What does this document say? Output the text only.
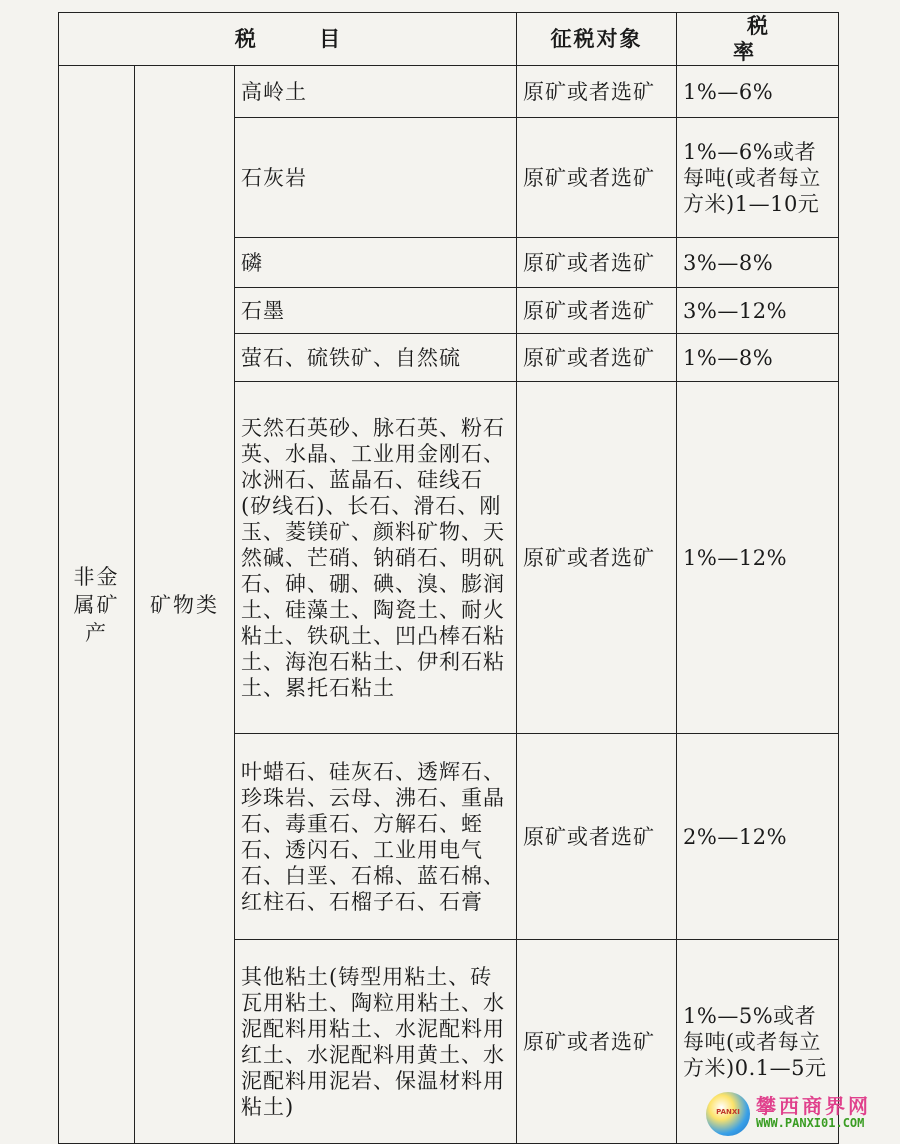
税 目			征税对象	税 率
非金属矿产	矿物类	高岭土	原矿或者选矿	1%—6%
		石灰岩	原矿或者选矿	1%—6%或者每吨(或者每立方米)1—10元
		磷	原矿或者选矿	3%—8%
		石墨	原矿或者选矿	3%—12%
		萤石、硫铁矿、自然硫	原矿或者选矿	1%—8%
		天然石英砂、脉石英、粉石英、水晶、工业用金刚石、冰洲石、蓝晶石、硅线石(矽线石)、长石、滑石、刚玉、菱镁矿、颜料矿物、天然碱、芒硝、钠硝石、明矾石、砷、硼、碘、溴、膨润土、硅藻土、陶瓷土、耐火粘土、铁矾土、凹凸棒石粘土、海泡石粘土、伊利石粘土、累托石粘土	原矿或者选矿	1%—12%
		叶蜡石、硅灰石、透辉石、珍珠岩、云母、沸石、重晶石、毒重石、方解石、蛭石、透闪石、工业用电气石、白垩、石棉、蓝石棉、红柱石、石榴子石、石膏	原矿或者选矿	2%—12%
		其他粘土(铸型用粘土、砖瓦用粘土、陶粒用粘土、水泥配料用粘土、水泥配料用红土、水泥配料用黄土、水泥配料用泥岩、保温材料用粘土)	原矿或者选矿	1%—5%或者每吨(或者每立方米)0.1—5元
PANXI 攀西商界网
WWW.PANXI01.COM
